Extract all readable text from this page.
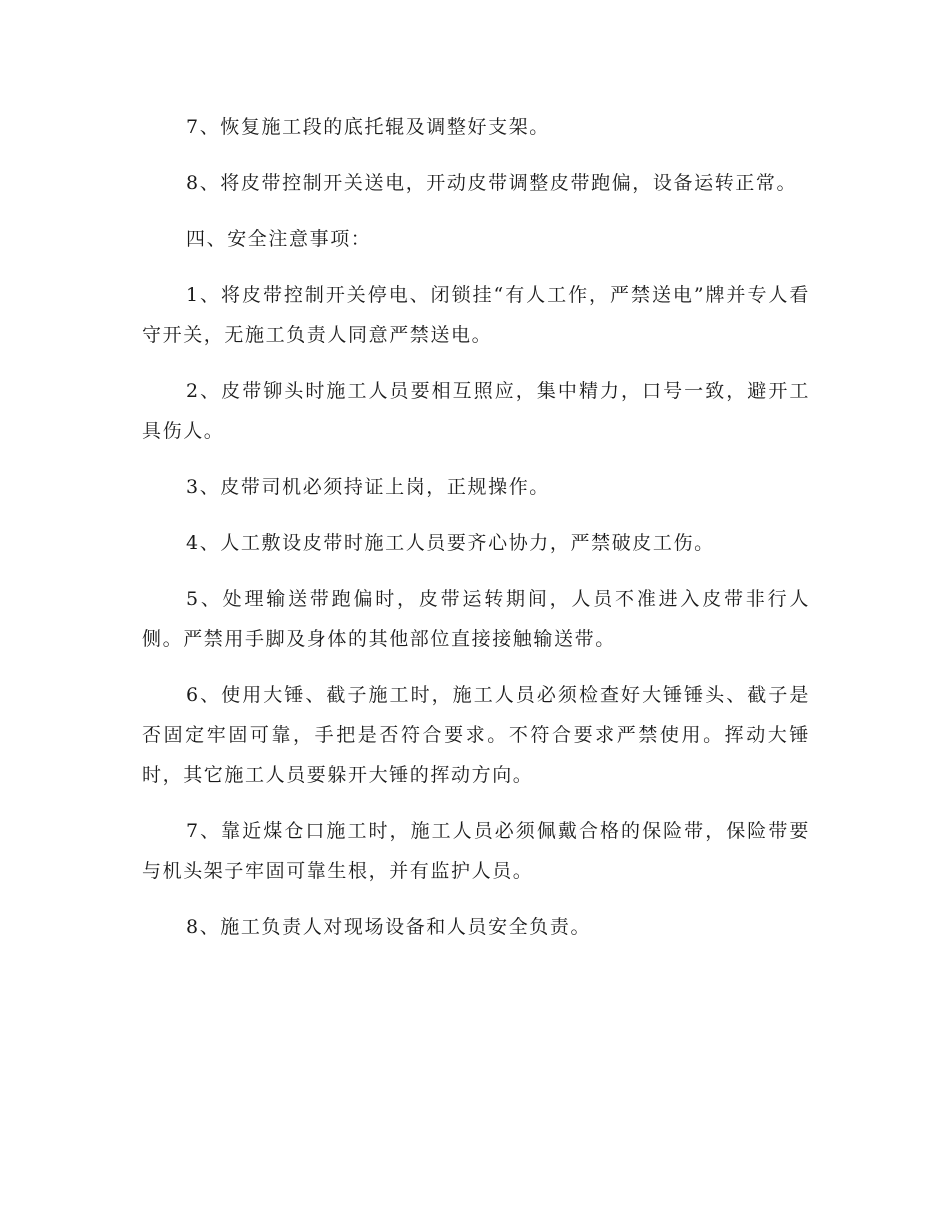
7、恢复施工段的底托辊及调整好支架。

8、将皮带控制开关送电，开动皮带调整皮带跑偏，设备运转正常。

四、安全注意事项：

1、将皮带控制开关停电、闭锁挂“有人工作，严禁送电”牌并专人看守开关，无施工负责人同意严禁送电。

2、皮带铆头时施工人员要相互照应，集中精力，口号一致，避开工具伤人。

3、皮带司机必须持证上岗，正规操作。

4、人工敷设皮带时施工人员要齐心协力，严禁破皮工伤。

5、处理输送带跑偏时，皮带运转期间，人员不准进入皮带非行人侧。严禁用手脚及身体的其他部位直接接触输送带。

6、使用大锤、截子施工时，施工人员必须检查好大锤锤头、截子是否固定牢固可靠，手把是否符合要求。不符合要求严禁使用。挥动大锤时，其它施工人员要躲开大锤的挥动方向。

7、靠近煤仓口施工时，施工人员必须佩戴合格的保险带，保险带要与机头架子牢固可靠生根，并有监护人员。

8、施工负责人对现场设备和人员安全负责。
